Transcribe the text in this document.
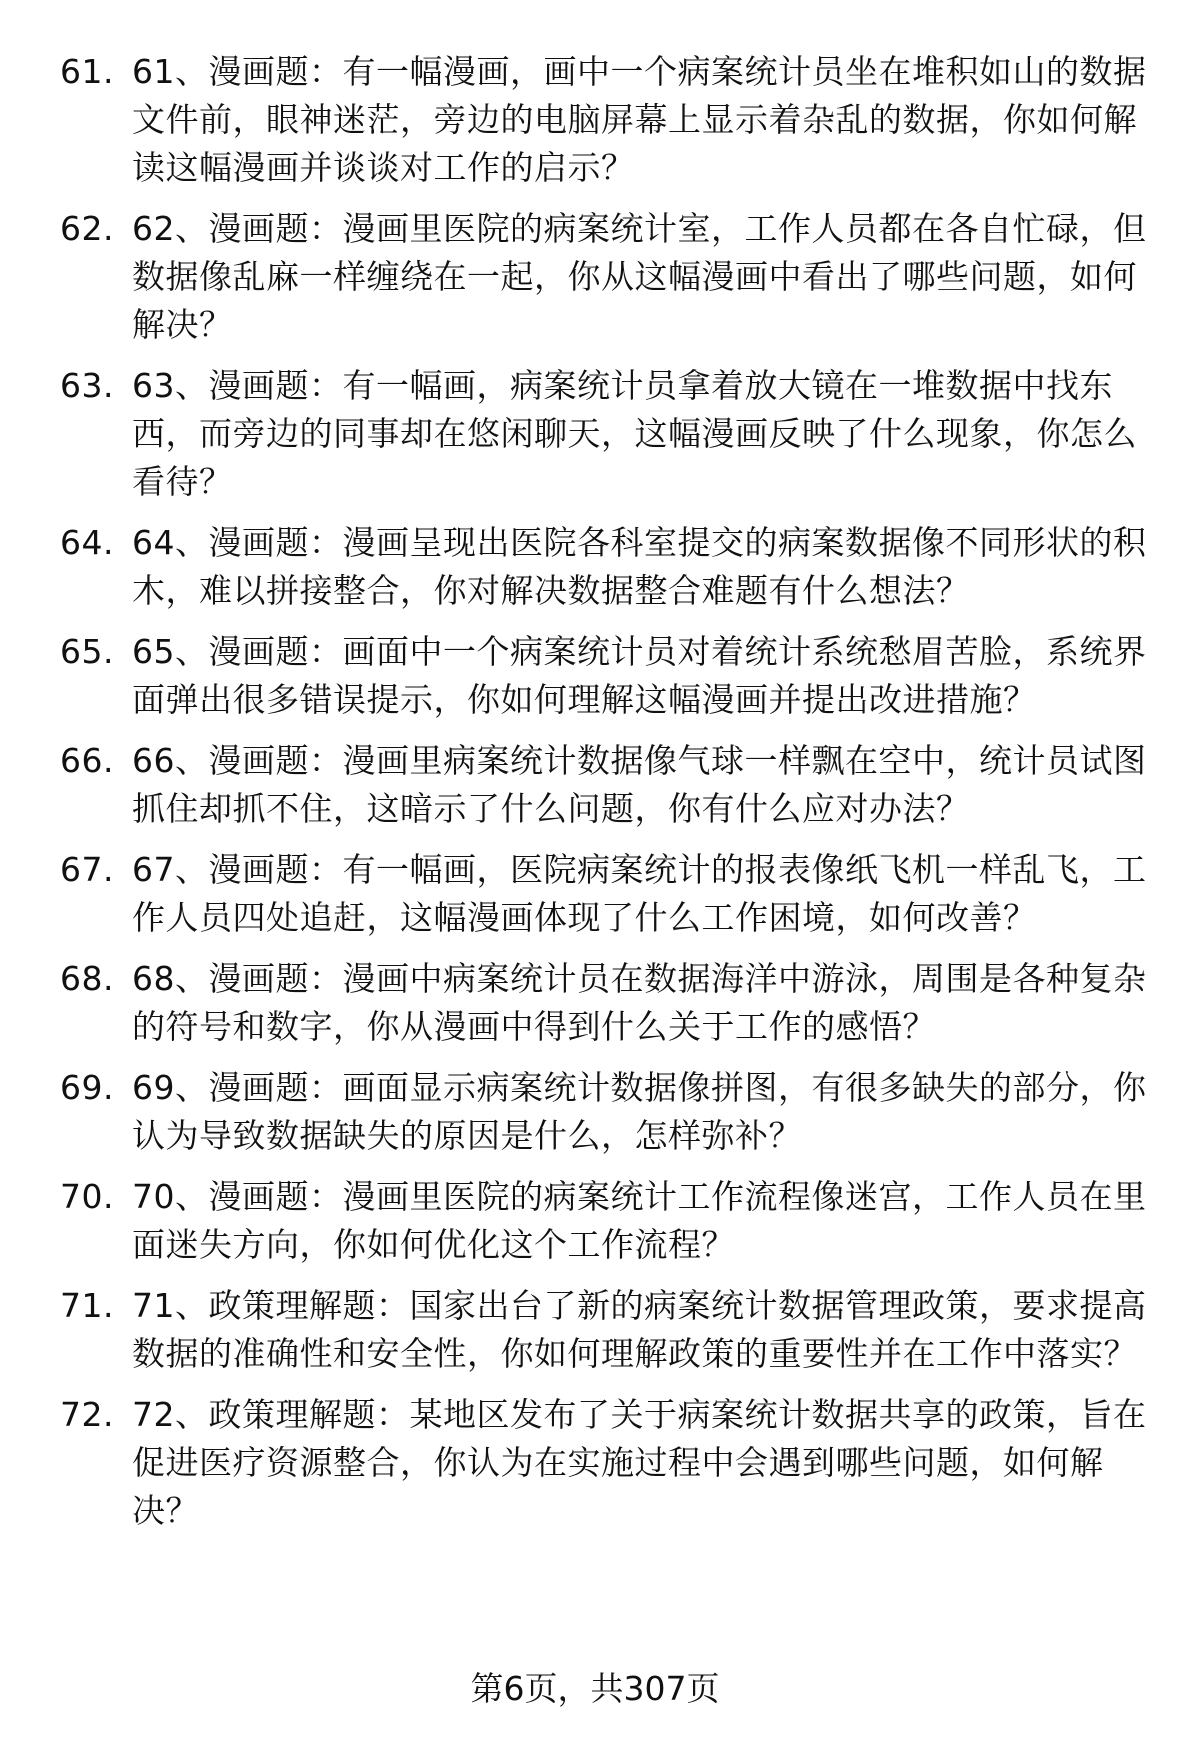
61. 61、漫画题：有一幅漫画，画中一个病案统计员坐在堆积如山的数据文件前，眼神迷茫，旁边的电脑屏幕上显示着杂乱的数据，你如何解读这幅漫画并谈谈对工作的启示？
62. 62、漫画题：漫画里医院的病案统计室，工作人员都在各自忙碌，但数据像乱麻一样缠绕在一起，你从这幅漫画中看出了哪些问题，如何解决？
63. 63、漫画题：有一幅画，病案统计员拿着放大镜在一堆数据中找东西，而旁边的同事却在悠闲聊天，这幅漫画反映了什么现象，你怎么看待？
64. 64、漫画题：漫画呈现出医院各科室提交的病案数据像不同形状的积木，难以拼接整合，你对解决数据整合难题有什么想法？
65. 65、漫画题：画面中一个病案统计员对着统计系统愁眉苦脸，系统界面弹出很多错误提示，你如何理解这幅漫画并提出改进措施？
66. 66、漫画题：漫画里病案统计数据像气球一样飘在空中，统计员试图抓住却抓不住，这暗示了什么问题，你有什么应对办法？
67. 67、漫画题：有一幅画，医院病案统计的报表像纸飞机一样乱飞，工作人员四处追赶，这幅漫画体现了什么工作困境，如何改善？
68. 68、漫画题：漫画中病案统计员在数据海洋中游泳，周围是各种复杂的符号和数字，你从漫画中得到什么关于工作的感悟？
69. 69、漫画题：画面显示病案统计数据像拼图，有很多缺失的部分，你认为导致数据缺失的原因是什么，怎样弥补？
70. 70、漫画题：漫画里医院的病案统计工作流程像迷宫，工作人员在里面迷失方向，你如何优化这个工作流程？
71. 71、政策理解题：国家出台了新的病案统计数据管理政策，要求提高数据的准确性和安全性，你如何理解政策的重要性并在工作中落实？
72. 72、政策理解题：某地区发布了关于病案统计数据共享的政策，旨在促进医疗资源整合，你认为在实施过程中会遇到哪些问题，如何解决？
第6页，共307页
